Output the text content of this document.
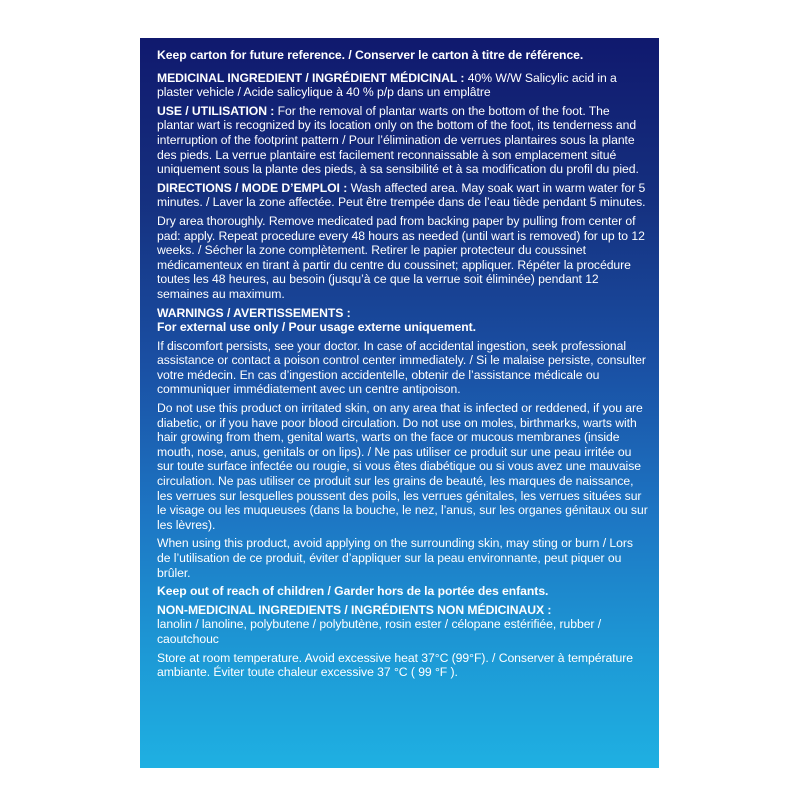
Keep carton for future reference. / Conserver le carton à titre de référence.
MEDICINAL INGREDIENT / INGRÉDIENT MÉDICINAL : 40% W/W Salicylic acid in a plaster vehicle / Acide salicylique à 40 % p/p dans un emplâtre
USE / UTILISATION : For the removal of plantar warts on the bottom of the foot. The plantar wart is recognized by its location only on the bottom of the foot, its tenderness and interruption of the footprint pattern / Pour l’élimination de verrues plantaires sous la plante des pieds. La verrue plantaire est facilement reconnaissable à son emplacement situé uniquement sous la plante des pieds, à sa sensibilité et à sa modification du profil du pied.
DIRECTIONS / MODE D’EMPLOI : Wash affected area. May soak wart in warm water for 5 minutes. / Laver la zone affectée. Peut être trempée dans de l’eau tiède pendant 5 minutes.
Dry area thoroughly. Remove medicated pad from backing paper by pulling from center of pad: apply. Repeat procedure every 48 hours as needed (until wart is removed) for up to 12 weeks. / Sécher la zone complètement. Retirer le papier protecteur du coussinet médicamenteux en tirant à partir du centre du coussinet; appliquer. Répéter la procédure toutes les 48 heures, au besoin (jusqu’à ce que la verrue soit éliminée) pendant 12 semaines au maximum.
WARNINGS / AVERTISSEMENTS :
For external use only / Pour usage externe uniquement.
If discomfort persists, see your doctor. In case of accidental ingestion, seek professional assistance or contact a poison control center immediately. / Si le malaise persiste, consulter votre médecin. En cas d’ingestion accidentelle, obtenir de l’assistance médicale ou communiquer immédiatement avec un centre antipoison.
Do not use this product on irritated skin, on any area that is infected or reddened, if you are diabetic, or if you have poor blood circulation. Do not use on moles, birthmarks, warts with hair growing from them, genital warts, warts on the face or mucous membranes (inside mouth, nose, anus, genitals or on lips). / Ne pas utiliser ce produit sur une peau irritée ou sur toute surface infectée ou rougie, si vous êtes diabétique ou si vous avez une mauvaise circulation. Ne pas utiliser ce produit sur les grains de beauté, les marques de naissance, les verrues sur lesquelles poussent des poils, les verrues génitales, les verrues situées sur le visage ou les muqueuses (dans la bouche, le nez, l’anus, sur les organes génitaux ou sur les lèvres).
When using this product, avoid applying on the surrounding skin, may sting or burn / Lors de l’utilisation de ce produit, éviter d’appliquer sur la peau environnante, peut piquer ou brûler.
Keep out of reach of children / Garder hors de la portée des enfants.
NON-MEDICINAL INGREDIENTS / INGRÉDIENTS NON MÉDICINAUX :
lanolin / lanoline, polybutene / polybutène, rosin ester / célopane estérifiée, rubber / caoutchouc
Store at room temperature. Avoid excessive heat 37°C (99°F). / Conserver à température ambiante. Éviter toute chaleur excessive 37 °C ( 99 °F ).
